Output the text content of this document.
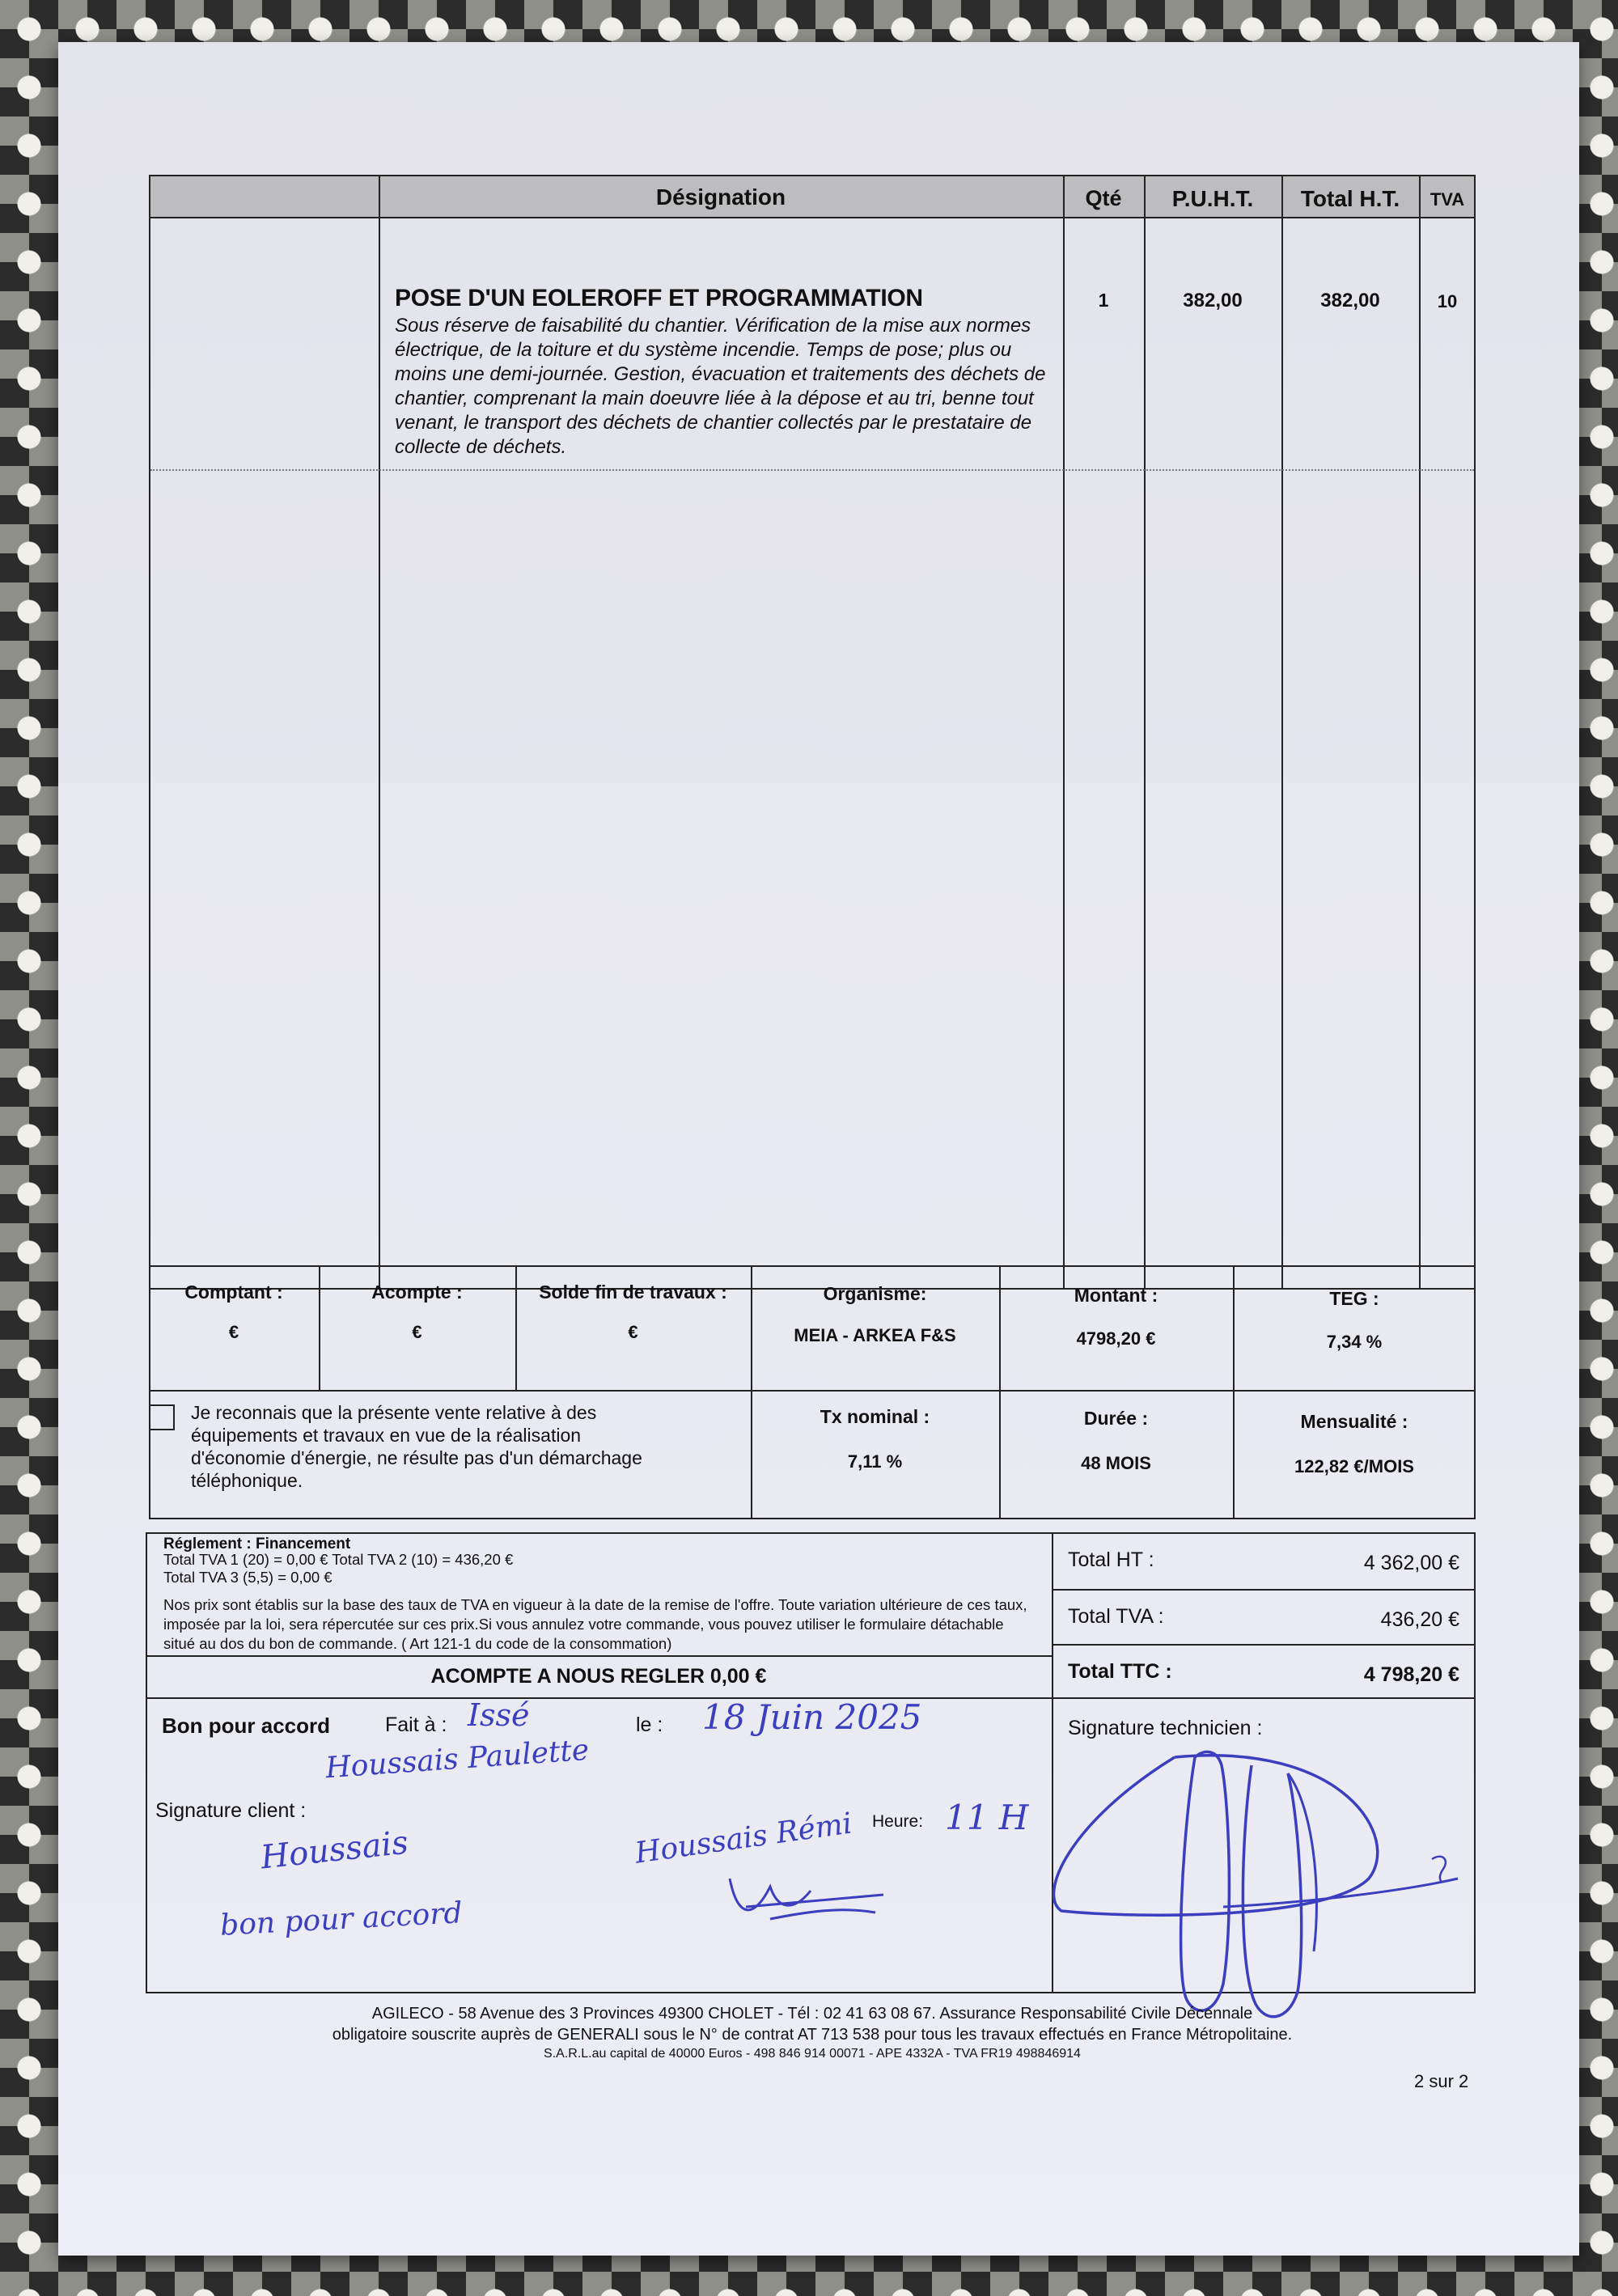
Désignation	Qté	P.U.H.T.	Total H.T.	TVA
POSE D'UN EOLEROFF ET PROGRAMMATION
Sous réserve de faisabilité du chantier. Vérification de la mise aux normes électrique, de la toiture et du système incendie. Temps de pose; plus ou moins une demi-journée. Gestion, évacuation et traitements des déchets de chantier, comprenant la main doeuvre liée à la dépose et au tri, benne tout venant, le transport des déchets de chantier collectés par le prestataire de collecte de déchets.
1	382,00	382,00	10
Comptant :
€
Acompte :
€
Solde fin de travaux :
€
Organisme:
MEIA - ARKEA F&S
Montant :
4798,20 €
TEG :
7,34 %
Je reconnais que la présente vente relative à des équipements et travaux en vue de la réalisation d'économie d'énergie, ne résulte pas d'un démarchage téléphonique.
Tx nominal :
7,11 %
Durée :
48 MOIS
Mensualité :
122,82 €/MOIS
Réglement : Financement
Total TVA 1 (20) = 0,00 € Total TVA 2 (10) = 436,20 €
Total TVA 3 (5,5) = 0,00 €
Nos prix sont établis sur la base des taux de TVA en vigueur à la date de la remise de l'offre. Toute variation ultérieure de ces taux, imposée par la loi, sera répercutée sur ces prix.Si vous annulez votre commande, vous pouvez utiliser le formulaire détachable situé au dos du bon de commande. ( Art 121-1 du code de la consommation)
ACOMPTE A NOUS REGLER 0,00 €
Total HT :	4 362,00 €
Total TVA :	436,20 €
Total TTC :	4 798,20 €
Bon pour accord	Fait à : Issé	le : 18 Juin 2025
Houssais Paulette
Signature client :
Houssais
bon pour accord
Houssais Rémi Heure: 11 H
Signature technicien :
AGILECO - 58 Avenue des 3 Provinces 49300 CHOLET - Tél : 02 41 63 08 67. Assurance Responsabilité Civile Décennale
obligatoire souscrite auprès de GENERALI sous le N° de contrat AT 713 538 pour tous les travaux effectués en France Métropolitaine.
S.A.R.L.au capital de 40000 Euros - 498 846 914 00071 - APE 4332A - TVA FR19 498846914
2 sur 2
